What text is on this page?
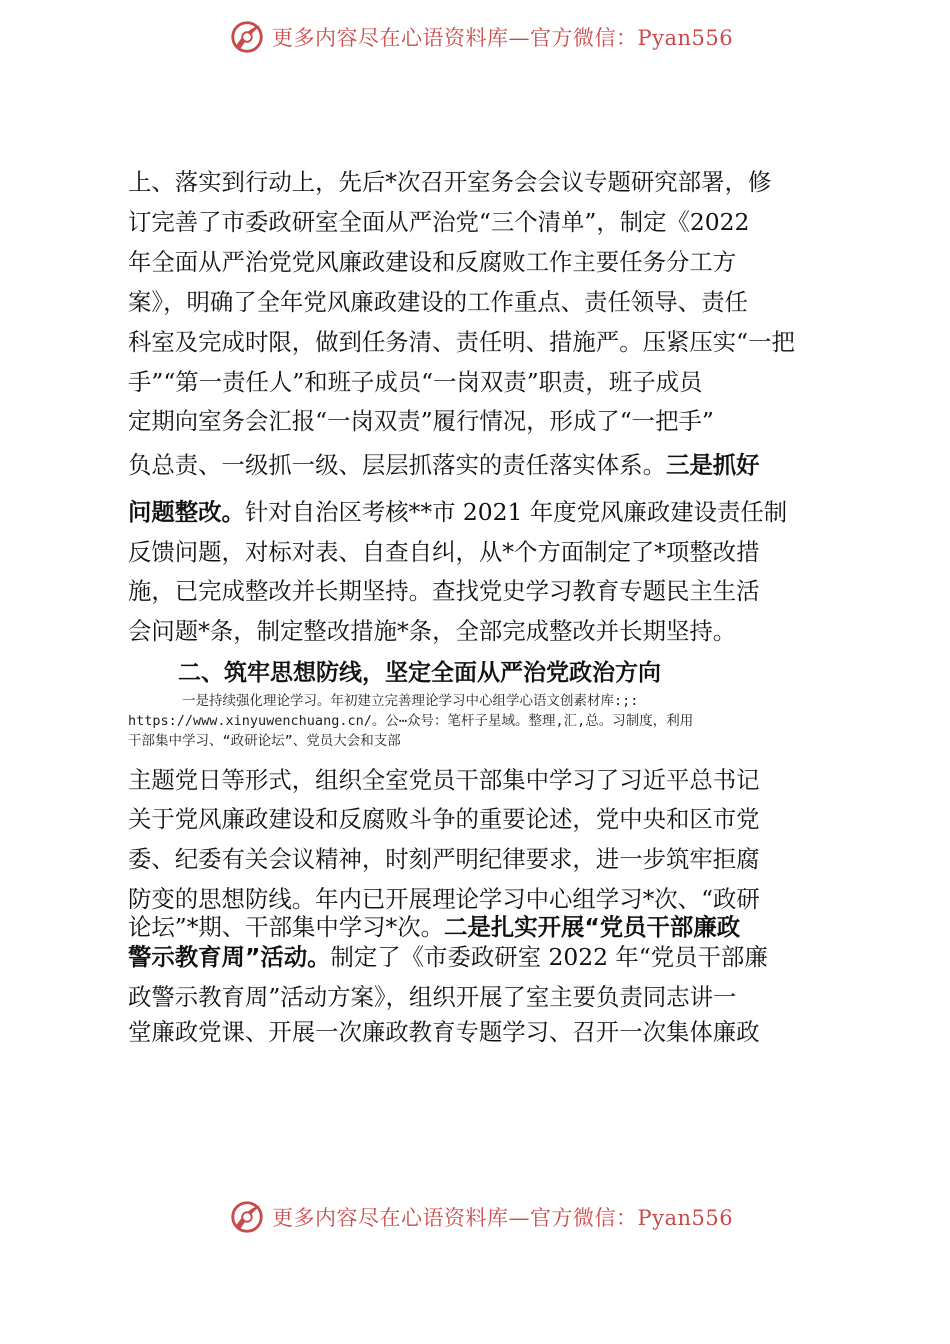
更多内容尽在心语资料库—官方微信：Pyan556
上、落实到行动上，先后*次召开室务会会议专题研究部署，修
订完善了市委政研室全面从严治党“三个清单”，制定《2022
年全面从严治党党风廉政建设和反腐败工作主要任务分工方
案》，明确了全年党风廉政建设的工作重点、责任领导、责任
科室及完成时限，做到任务清、责任明、措施严。压紧压实“一把
手”“第一责任人”和班子成员“一岗双责”职责，班子成员
定期向室务会汇报“一岗双责”履行情况，形成了“一把手”
负总责、一级抓一级、层层抓落实的责任落实体系。三是抓好
问题整改。针对自治区考核**市 2021 年度党风廉政建设责任制
反馈问题，对标对表、自查自纠，从*个方面制定了*项整改措
施，已完成整改并长期坚持。查找党史学习教育专题民主生活
会问题*条，制定整改措施*条，全部完成整改并长期坚持。
二、筑牢思想防线，坚定全面从严治党政治方向
一是持续强化理论学习。年初建立完善理论学习中心组学心语文创素材库:;:
https://www.xinyuwenchuang.cn/。公⋯众号：笔杆子星域。整理,汇,总。习制度，利用
干部集中学习、“政研论坛”、党员大会和支部
主题党日等形式，组织全室党员干部集中学习了习近平总书记
关于党风廉政建设和反腐败斗争的重要论述，党中央和区市党
委、纪委有关会议精神，时刻严明纪律要求，进一步筑牢拒腐
防变的思想防线。年内已开展理论学习中心组学习*次、“政研
论坛”*期、干部集中学习*次。二是扎实开展“党员干部廉政
警示教育周”活动。制定了《市委政研室 2022 年“党员干部廉
政警示教育周”活动方案》，组织开展了室主要负责同志讲一
堂廉政党课、开展一次廉政教育专题学习、召开一次集体廉政
更多内容尽在心语资料库—官方微信：Pyan556
